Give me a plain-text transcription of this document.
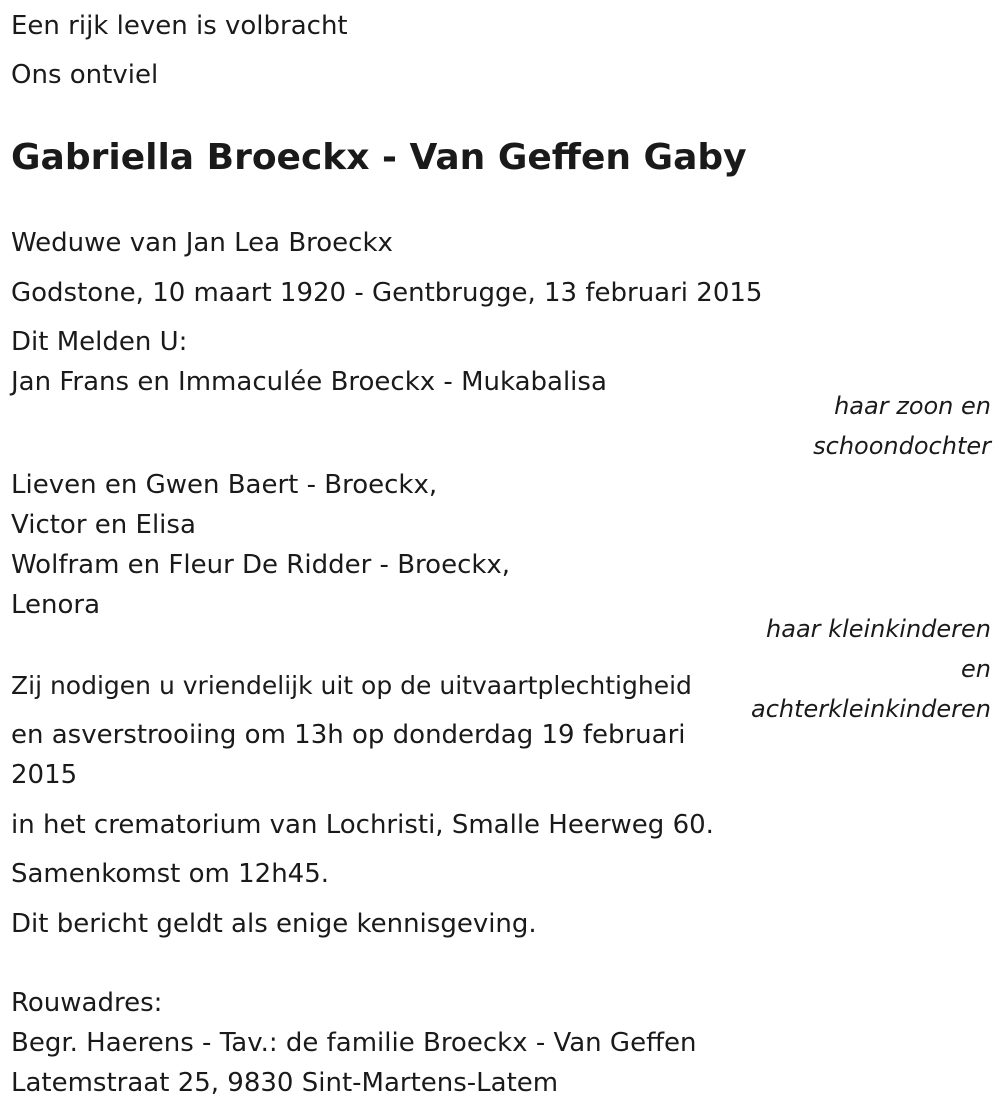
Een rijk leven is volbracht
Ons ontviel
Gabriella Broeckx - Van Geffen Gaby
Weduwe van Jan Lea Broeckx
Godstone, 10 maart 1920 - Gentbrugge, 13 februari 2015
Dit Melden U:
Jan Frans en Immaculée Broeckx - Mukabalisa
haar zoon en
schoondochter
Lieven en Gwen Baert - Broeckx,
Victor en Elisa
Wolfram en Fleur De Ridder - Broeckx,
Lenora
haar kleinkinderen
en
achterkleinkinderen
Zij nodigen u vriendelijk uit op de uitvaartplechtigheid
en asverstrooiing om 13h op donderdag 19 februari
2015
in het crematorium van Lochristi, Smalle Heerweg 60.
Samenkomst om 12h45.
Dit bericht geldt als enige kennisgeving.
Rouwadres:
Begr. Haerens - Tav.: de familie Broeckx - Van Geffen
Latemstraat 25, 9830 Sint-Martens-Latem
